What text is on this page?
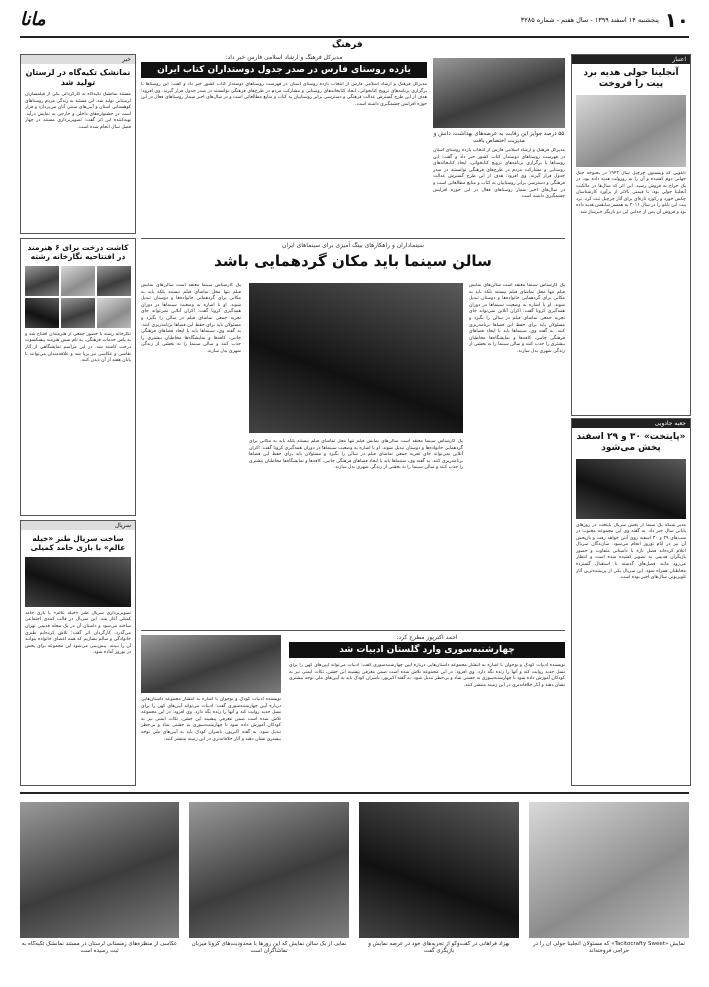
۱۰
پنجشنبه ۱۴ اسفند ۱۳۹۹ - سال هفتم - شماره ۳۲۸۵
مانا
فرهنگ
اعتبار
آنجلینا جولی هدیه برد پیت را فروخت
تابلویی که وینستون چرچیل سال ۱۹۴۳ در بحبوحه جنگ جهانی دوم کشیده و آن را به روزولت هدیه داده بود، در یک حراج به فروش رسید. این اثر که سال‌ها در مالکیت آنجلینا جولی بود، با قیمتی بالاتر از برآورد کارشناسان چکش خورد و رکورد تازه‌ای برای آثار چرچیل ثبت کرد. برد پیت این تابلو را در سال ۲۰۱۱ به همسر سابقش هدیه داده بود و فروش آن پس از جدایی این دو بازیگر خبرساز شد.
جعبه جادویی
«پایتخت» ۳۰ و ۲۹ اسفند پخش می‌شود
مدیر شبکه یک سیما از پخش سریال پایتخت در روزهای پایانی سال خبر داد. به گفته وی این مجموعه محبوب در شب‌های ۲۹ و ۳۰ اسفند روی آنتن خواهد رفت و بازپخش آن نیز در ایام نوروز انجام می‌شود. سازندگان سریال اعلام کرده‌اند فصل تازه با داستانی متفاوت و حضور بازیگران قدیمی به تصویر کشیده شده است و انتظار می‌رود مانند فصل‌های گذشته با استقبال گسترده مخاطبان همراه شود. این سریال یکی از پربیننده‌ترین آثار تلویزیونی سال‌های اخیر بوده است.
مدیرکل فرهنگ و ارشاد اسلامی فارس خبر داد:
یازده روستای فارس در صدر جدول دوستداران کتاب ایران
۵۵ درصد جوایز این رقابت به عرصه‌های بهداشت، دانش و مدیریت اختصاص یافت
مدیرکل فرهنگ و ارشاد اسلامی فارس از انتخاب یازده روستای استان در فهرست روستاهای دوستدار کتاب کشور خبر داد و گفت: این روستاها با برگزاری برنامه‌های ترویج کتابخوانی، ایجاد کتابخانه‌های روستایی و مشارکت مردم در طرح‌های فرهنگی توانستند در صدر جدول قرار گیرند. وی افزود: هدف از این طرح گسترش عدالت فرهنگی و دسترسی برابر روستاییان به کتاب و منابع مطالعاتی است و در سال‌های اخیر شمار روستاهای فعال در این حوزه افزایش چشمگیری داشته است.
مدیرکل فرهنگ و ارشاد اسلامی فارس از انتخاب یازده روستای استان در فهرست روستاهای دوستدار کتاب کشور خبر داد و گفت: این روستاها با برگزاری برنامه‌های ترویج کتابخوانی، ایجاد کتابخانه‌های روستایی و مشارکت مردم در طرح‌های فرهنگی توانستند در صدر جدول قرار گیرند. وی افزود: هدف از این طرح گسترش عدالت فرهنگی و دسترسی برابر روستاییان به کتاب و منابع مطالعاتی است و در سال‌های اخیر شمار روستاهای فعال در این حوزه افزایش چشمگیری داشته است.
سینماداران و راهکارهای بیتگ آمیزی برای سینماهای ایران
سالن سینما باید مکان گردهمایی باشد
یک کارشناس سینما معتقد است سالن‌های نمایش فیلم تنها محل تماشای فیلم نیستند بلکه باید به مکانی برای گردهمایی خانواده‌ها و دوستان تبدیل شوند. او با اشاره به وضعیت سینماها در دوران همه‌گیری کرونا گفت: اکران آنلاین نمی‌تواند جای تجربه جمعی تماشای فیلم در سالن را بگیرد و مسئولان باید برای حفظ این فضاها برنامه‌ریزی کنند. به گفته وی، سینماها باید با ایجاد فضاهای فرهنگی جانبی، کافه‌ها و نمایشگاه‌ها مخاطبان بیشتری را جذب کنند و سالن سینما را به بخشی از زندگی شهری بدل سازند.
یک کارشناس سینما معتقد است سالن‌های نمایش فیلم تنها محل تماشای فیلم نیستند بلکه باید به مکانی برای گردهمایی خانواده‌ها و دوستان تبدیل شوند. او با اشاره به وضعیت سینماها در دوران همه‌گیری کرونا گفت: اکران آنلاین نمی‌تواند جای تجربه جمعی تماشای فیلم در سالن را بگیرد و مسئولان باید برای حفظ این فضاها برنامه‌ریزی کنند. به گفته وی، سینماها باید با ایجاد فضاهای فرهنگی جانبی، کافه‌ها و نمایشگاه‌ها مخاطبان بیشتری را جذب کنند و سالن سینما را به بخشی از زندگی شهری بدل سازند.
یک کارشناس سینما معتقد است سالن‌های نمایش فیلم تنها محل تماشای فیلم نیستند بلکه باید به مکانی برای گردهمایی خانواده‌ها و دوستان تبدیل شوند. او با اشاره به وضعیت سینماها در دوران همه‌گیری کرونا گفت: اکران آنلاین نمی‌تواند جای تجربه جمعی تماشای فیلم در سالن را بگیرد و مسئولان باید برای حفظ این فضاها برنامه‌ریزی کنند. به گفته وی، سینماها باید با ایجاد فضاهای فرهنگی جانبی، کافه‌ها و نمایشگاه‌ها مخاطبان بیشتری را جذب کنند و سالن سینما را به بخشی از زندگی شهری بدل سازند.
احمد اکبرپور مطرح کرد:
چهارشنبه‌سوری وارد گلستان ادبیات شد
نویسنده ادبیات کودک و نوجوان با اشاره به انتشار مجموعه داستان‌هایی درباره آیین چهارشنبه‌سوری گفت: ادبیات می‌تواند آیین‌های کهن را برای نسل جدید روایت کند و آنها را زنده نگه دارد. وی افزود: در این مجموعه تلاش شده است ضمن معرفی پیشینه این جشن، نکات ایمنی نیز به کودکان آموزش داده شود تا چهارشنبه‌سوری به جشنی شاد و بی‌خطر تبدیل شود. به گفته اکبرپور، ناشران کودک باید به آیین‌های ملی توجه بیشتری نشان دهند و آثار خلاقانه‌تری در این زمینه منتشر کنند.
نویسنده ادبیات کودک و نوجوان با اشاره به انتشار مجموعه داستان‌هایی درباره آیین چهارشنبه‌سوری گفت: ادبیات می‌تواند آیین‌های کهن را برای نسل جدید روایت کند و آنها را زنده نگه دارد. وی افزود: در این مجموعه تلاش شده است ضمن معرفی پیشینه این جشن، نکات ایمنی نیز به کودکان آموزش داده شود تا چهارشنبه‌سوری به جشنی شاد و بی‌خطر تبدیل شود. به گفته اکبرپور، ناشران کودک باید به آیین‌های ملی توجه بیشتری نشان دهند و آثار خلاقانه‌تری در این زمینه منتشر کنند.
خبر
نمانشک تکیه‌گاه در لرستان تولید شد
مستند نمانشک تکیه‌گاه به کارگردانی یکی از فیلمسازان لرستانی تولید شد. این مستند به زندگی مردم روستاهای کوهستانی استان و آیین‌های سنتی آنان می‌پردازد و قرار است در جشنواره‌های داخلی و خارجی به نمایش درآید. تهیه‌کننده این اثر گفت: تصویربرداری مستند در چهار فصل سال انجام شده است.
کاشت درخت برای ۶ هنرمند در افتتاحیه نگارخانه رشته
نگارخانه رشته با حضور جمعی از هنرمندان افتتاح شد و به پاس خدمات فرهنگی، به نام شش هنرمند پیشکسوت درخت کاشته شد. در این مراسم نمایشگاهی از آثار نقاشی و عکاسی نیز برپا شد و علاقه‌مندان می‌توانند تا پایان هفته از آن دیدن کنند.
سریال
ساخت سریال طنز «خیله عالم» با بازی حامد کمیلی
تصویربرداری سریال طنز «خیله عالم» با بازی حامد کمیلی آغاز شد. این سریال در قالب کمدی اجتماعی ساخته می‌شود و داستان آن در یک محله قدیمی تهران می‌گذرد. کارگردان اثر گفت: تلاش کرده‌ایم طنزی خانوادگی و سالم بسازیم که همه اعضای خانواده بتوانند آن را ببینند. پیش‌بینی می‌شود این مجموعه برای پخش در نوروز آماده شود.
نمایش «Tacitocrafty Sweet» که مسئولان آنجلینا جولی آن را در حراجی فروخته‌اند
بهزاد فراهانی در گفت‌وگو از تجربه‌های خود در عرصه نمایش و بازیگری گفت
نمایی از یک سالن نمایش که این روزها با محدودیت‌های کرونا میزبان تماشاگران است
عکاسی از منظره‌های زمستانی لرستان در مستند نمانشک تکیه‌گاه به ثبت رسیده است
